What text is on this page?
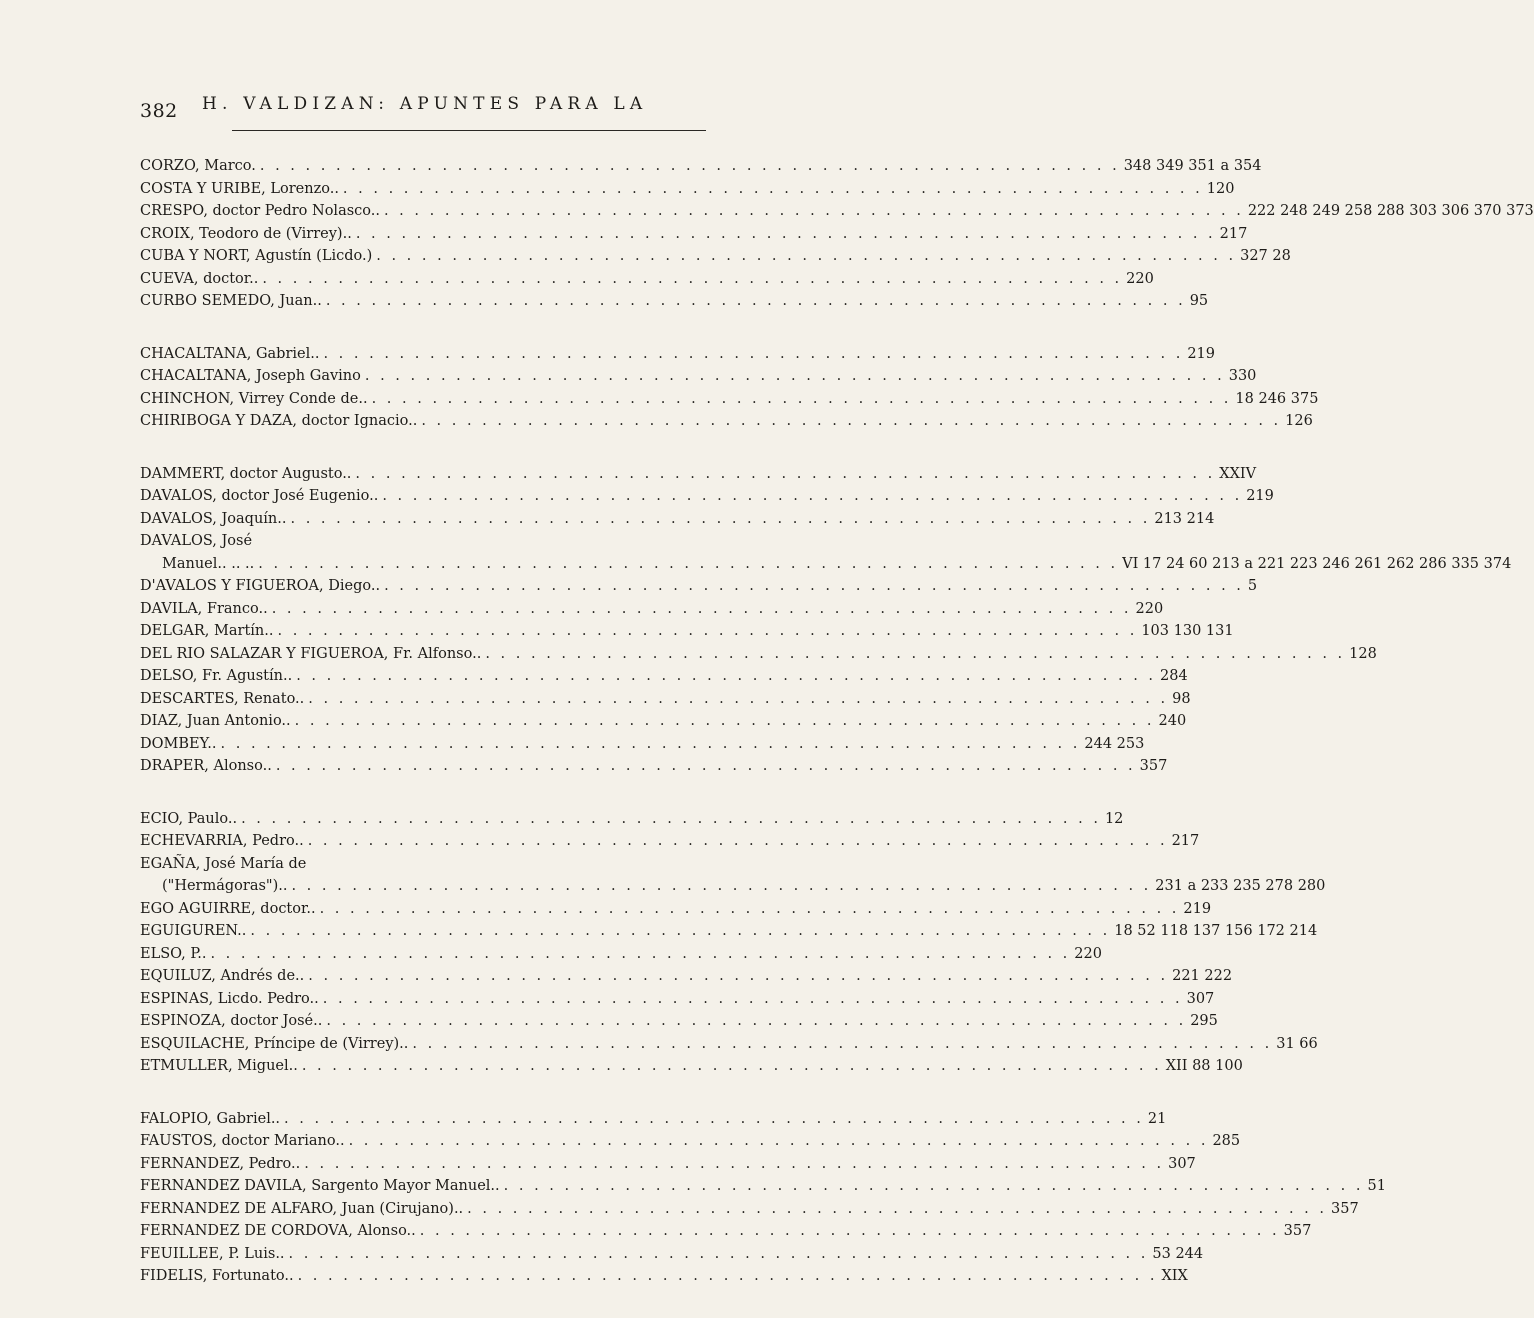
382 H. VALDIZAN: APUNTES PARA LA
CORZO, Marco. . . . . . . . . . . . . . . . . . . . . . . . . . . . . . . . . . . . . . . . . . . . . . . . . . . . . . . . . . 348 349 351 a 354
COSTA Y URIBE, Lorenzo.. . . . . . . . . . . . . . . . . . . . . . . . . . . . . . . . . . . . . . . . . . . . . . . . . . . . . . . . . . 120
CRESPO, doctor Pedro Nolasco.. . . . . . . . . . . . . . . . . . . . . . . . . . . . . . . . . . . . . . . . . . . . . . . . . . . . . . . . . . 222 248 249 258 288 303 306 370 373
CROIX, Teodoro de (Virrey).. . . . . . . . . . . . . . . . . . . . . . . . . . . . . . . . . . . . . . . . . . . . . . . . . . . . . . . . . . 217
CUBA Y NORT, Agustín (Licdo.) . . . . . . . . . . . . . . . . . . . . . . . . . . . . . . . . . . . . . . . . . . . . . . . . . . . . . . . . . 327 28
CUEVA, doctor.. . . . . . . . . . . . . . . . . . . . . . . . . . . . . . . . . . . . . . . . . . . . . . . . . . . . . . . . . . 220
CURBO SEMEDO, Juan.. . . . . . . . . . . . . . . . . . . . . . . . . . . . . . . . . . . . . . . . . . . . . . . . . . . . . . . . . . 95
CHACALTANA, Gabriel.. . . . . . . . . . . . . . . . . . . . . . . . . . . . . . . . . . . . . . . . . . . . . . . . . . . . . . . . . . 219
CHACALTANA, Joseph Gavino . . . . . . . . . . . . . . . . . . . . . . . . . . . . . . . . . . . . . . . . . . . . . . . . . . . . . . . . . 330
CHINCHON, Virrey Conde de.. . . . . . . . . . . . . . . . . . . . . . . . . . . . . . . . . . . . . . . . . . . . . . . . . . . . . . . . . . 18 246 375
CHIRIBOGA Y DAZA, doctor Ignacio.. . . . . . . . . . . . . . . . . . . . . . . . . . . . . . . . . . . . . . . . . . . . . . . . . . . . . . . . . . 126
DAMMERT, doctor Augusto.. . . . . . . . . . . . . . . . . . . . . . . . . . . . . . . . . . . . . . . . . . . . . . . . . . . . . . . . . . XXIV
DAVALOS, doctor José Eugenio.. . . . . . . . . . . . . . . . . . . . . . . . . . . . . . . . . . . . . . . . . . . . . . . . . . . . . . . . . . 219
DAVALOS, Joaquín.. . . . . . . . . . . . . . . . . . . . . . . . . . . . . . . . . . . . . . . . . . . . . . . . . . . . . . . . . . 213 214
DAVALOS, José
Manuel.. .. .. . . . . . . . . . . . . . . . . . . . . . . . . . . . . . . . . . . . . . . . . . . . . . . . . . . . . . . . . . VI 17 24 60 213 a 221 223 246 261 262 286 335 374
D'AVALOS Y FIGUEROA, Diego.. . . . . . . . . . . . . . . . . . . . . . . . . . . . . . . . . . . . . . . . . . . . . . . . . . . . . . . . . . 5
DAVILA, Franco.. . . . . . . . . . . . . . . . . . . . . . . . . . . . . . . . . . . . . . . . . . . . . . . . . . . . . . . . . . 220
DELGAR, Martín.. . . . . . . . . . . . . . . . . . . . . . . . . . . . . . . . . . . . . . . . . . . . . . . . . . . . . . . . . . 103 130 131
DEL RIO SALAZAR Y FIGUEROA, Fr. Alfonso.. . . . . . . . . . . . . . . . . . . . . . . . . . . . . . . . . . . . . . . . . . . . . . . . . . . . . . . . . . 128
DELSO, Fr. Agustín.. . . . . . . . . . . . . . . . . . . . . . . . . . . . . . . . . . . . . . . . . . . . . . . . . . . . . . . . . . 284
DESCARTES, Renato.. . . . . . . . . . . . . . . . . . . . . . . . . . . . . . . . . . . . . . . . . . . . . . . . . . . . . . . . . . 98
DIAZ, Juan Antonio.. . . . . . . . . . . . . . . . . . . . . . . . . . . . . . . . . . . . . . . . . . . . . . . . . . . . . . . . . . 240
DOMBEY.. . . . . . . . . . . . . . . . . . . . . . . . . . . . . . . . . . . . . . . . . . . . . . . . . . . . . . . . . . 244 253
DRAPER, Alonso.. . . . . . . . . . . . . . . . . . . . . . . . . . . . . . . . . . . . . . . . . . . . . . . . . . . . . . . . . . 357
ECIO, Paulo.. . . . . . . . . . . . . . . . . . . . . . . . . . . . . . . . . . . . . . . . . . . . . . . . . . . . . . . . . . 12
ECHEVARRIA, Pedro.. . . . . . . . . . . . . . . . . . . . . . . . . . . . . . . . . . . . . . . . . . . . . . . . . . . . . . . . . . 217
EGAÑA, José María de
("Hermágoras").. . . . . . . . . . . . . . . . . . . . . . . . . . . . . . . . . . . . . . . . . . . . . . . . . . . . . . . . . . 231 a 233 235 278 280
EGO AGUIRRE, doctor.. . . . . . . . . . . . . . . . . . . . . . . . . . . . . . . . . . . . . . . . . . . . . . . . . . . . . . . . . . 219
EGUIGUREN.. . . . . . . . . . . . . . . . . . . . . . . . . . . . . . . . . . . . . . . . . . . . . . . . . . . . . . . . . . 18 52 118 137 156 172 214
ELSO, P.. . . . . . . . . . . . . . . . . . . . . . . . . . . . . . . . . . . . . . . . . . . . . . . . . . . . . . . . . . 220
EQUILUZ, Andrés de.. . . . . . . . . . . . . . . . . . . . . . . . . . . . . . . . . . . . . . . . . . . . . . . . . . . . . . . . . . 221 222
ESPINAS, Licdo. Pedro.. . . . . . . . . . . . . . . . . . . . . . . . . . . . . . . . . . . . . . . . . . . . . . . . . . . . . . . . . . 307
ESPINOZA, doctor José.. . . . . . . . . . . . . . . . . . . . . . . . . . . . . . . . . . . . . . . . . . . . . . . . . . . . . . . . . . 295
ESQUILACHE, Príncipe de (Virrey).. . . . . . . . . . . . . . . . . . . . . . . . . . . . . . . . . . . . . . . . . . . . . . . . . . . . . . . . . . 31 66
ETMULLER, Miguel.. . . . . . . . . . . . . . . . . . . . . . . . . . . . . . . . . . . . . . . . . . . . . . . . . . . . . . . . . . XII 88 100
FALOPIO, Gabriel.. . . . . . . . . . . . . . . . . . . . . . . . . . . . . . . . . . . . . . . . . . . . . . . . . . . . . . . . . . 21
FAUSTOS, doctor Mariano.. . . . . . . . . . . . . . . . . . . . . . . . . . . . . . . . . . . . . . . . . . . . . . . . . . . . . . . . . . 285
FERNANDEZ, Pedro.. . . . . . . . . . . . . . . . . . . . . . . . . . . . . . . . . . . . . . . . . . . . . . . . . . . . . . . . . . 307
FERNANDEZ DAVILA, Sargento Mayor Manuel.. . . . . . . . . . . . . . . . . . . . . . . . . . . . . . . . . . . . . . . . . . . . . . . . . . . . . . . . . . 51
FERNANDEZ DE ALFARO, Juan (Cirujano).. . . . . . . . . . . . . . . . . . . . . . . . . . . . . . . . . . . . . . . . . . . . . . . . . . . . . . . . . . 357
FERNANDEZ DE CORDOVA, Alonso.. . . . . . . . . . . . . . . . . . . . . . . . . . . . . . . . . . . . . . . . . . . . . . . . . . . . . . . . . . 357
FEUILLEE, P. Luis.. . . . . . . . . . . . . . . . . . . . . . . . . . . . . . . . . . . . . . . . . . . . . . . . . . . . . . . . . . 53 244
FIDELIS, Fortunato.. . . . . . . . . . . . . . . . . . . . . . . . . . . . . . . . . . . . . . . . . . . . . . . . . . . . . . . . . . XIX
